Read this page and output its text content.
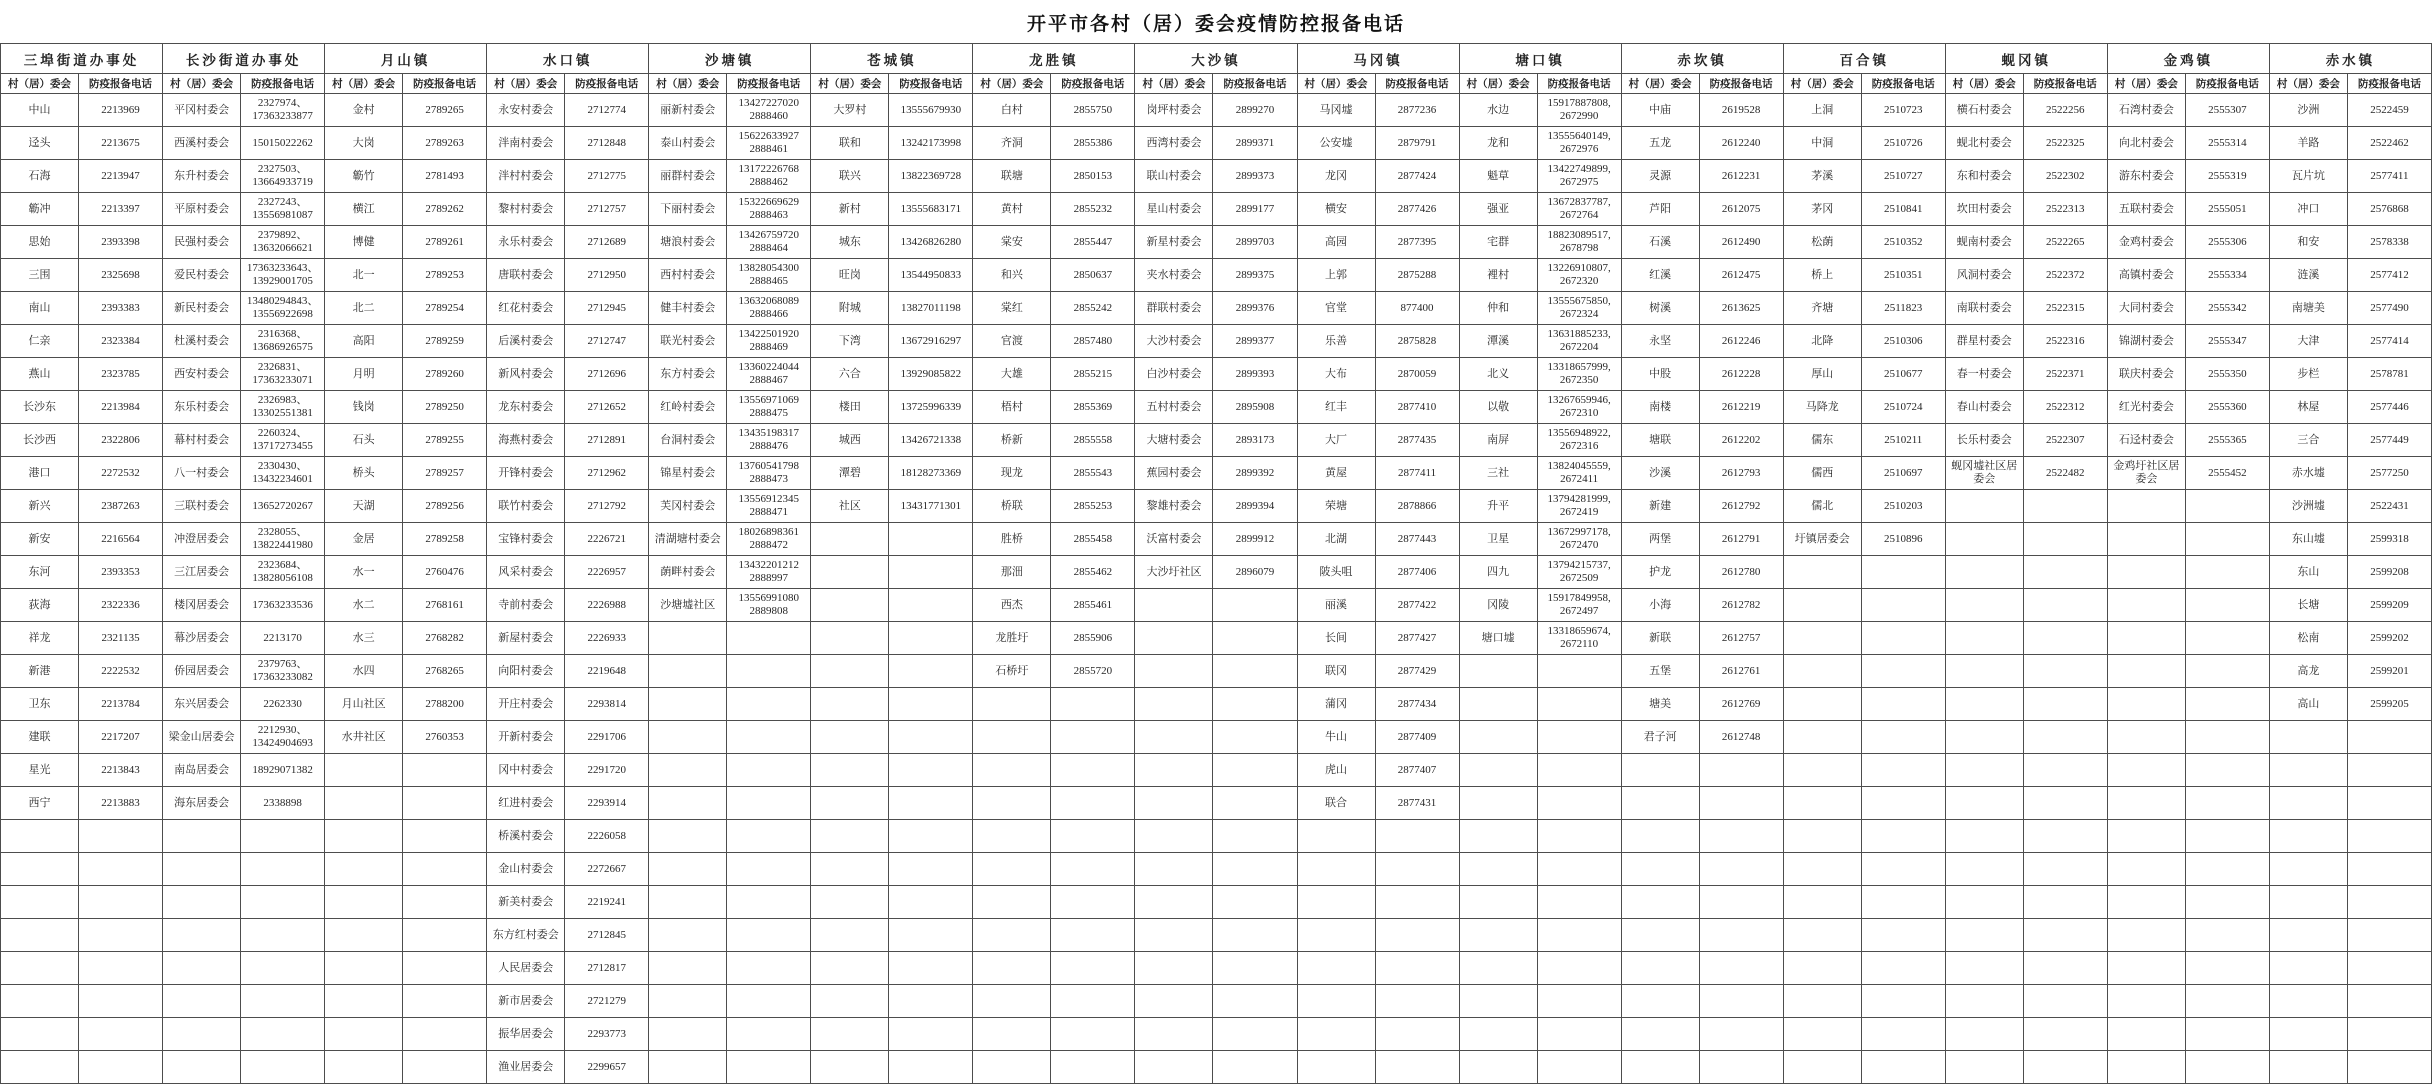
开平市各村（居）委会疫情防控报备电话
三埠街道办事处		长沙街道办事处		月山镇		水口镇		沙塘镇		苍城镇		龙胜镇		大沙镇		马冈镇		塘口镇		赤坎镇		百合镇		蚬冈镇		金鸡镇		赤水镇	
村（居）委会	防疫报备电话	村（居）委会	防疫报备电话	村（居）委会	防疫报备电话	村（居）委会	防疫报备电话	村（居）委会	防疫报备电话	村（居）委会	防疫报备电话	村（居）委会	防疫报备电话	村（居）委会	防疫报备电话	村（居）委会	防疫报备电话	村（居）委会	防疫报备电话	村（居）委会	防疫报备电话	村（居）委会	防疫报备电话	村（居）委会	防疫报备电话	村（居）委会	防疫报备电话	村（居）委会	防疫报备电话
中山	2213969	平冈村委会	2327974、17363233877	金村	2789265	永安村委会	2712774	丽新村委会	13427227020 2888460	大罗村	13555679930	白村	2855750	岗坪村委会	2899270	马冈墟	2877236	水边	15917887808, 2672990	中庙	2619528	上洞	2510723	横石村委会	2522256	石湾村委会	2555307	沙洲	2522459
迳头	2213675	西溪村委会	15015022262	大岗	2789263	泮南村委会	2712848	泰山村委会	15622633927 2888461	联和	13242173998	齐洞	2855386	西湾村委会	2899371	公安墟	2879791	龙和	13555640149, 2672976	五龙	2612240	中洞	2510726	蚬北村委会	2522325	向北村委会	2555314	羊路	2522462
石海	2213947	东升村委会	2327503、13664933719	簕竹	2781493	泮村村委会	2712775	丽群村委会	13172226768 2888462	联兴	13822369728	联塘	2850153	联山村委会	2899373	龙冈	2877424	魁草	13422749899, 2672975	灵源	2612231	茅溪	2510727	东和村委会	2522302	游东村委会	2555319	瓦片坑	2577411
簕冲	2213397	平原村委会	2327243、13556981087	横江	2789262	黎村村委会	2712757	下丽村委会	15322669629 2888463	新村	13555683171	黄村	2855232	星山村委会	2899177	横安	2877426	强亚	13672837787, 2672764	芦阳	2612075	茅冈	2510841	坎田村委会	2522313	五联村委会	2555051	冲口	2576868
思始	2393398	民强村委会	2379892、13632066621	博健	2789261	永乐村委会	2712689	塘浪村委会	13426759720 2888464	城东	13426826280	棠安	2855447	新星村委会	2899703	高园	2877395	宅群	18823089517, 2678798	石溪	2612490	松蓢	2510352	蚬南村委会	2522265	金鸡村委会	2555306	和安	2578338
三围	2325698	爱民村委会	17363233643、13929001705	北一	2789253	唐联村委会	2712950	西村村委会	13828054300 2888465	旺岗	13544950833	和兴	2850637	夹水村委会	2899375	上郭	2875288	裡村	13226910807, 2672320	红溪	2612475	桥上	2510351	风洞村委会	2522372	高镇村委会	2555334	涟溪	2577412
南山	2393383	新民村委会	13480294843、13556922698	北二	2789254	红花村委会	2712945	健丰村委会	13632068089 2888466	附城	13827011198	棠红	2855242	群联村委会	2899376	官堂	877400	仲和	13555675850, 2672324	树溪	2613625	齐塘	2511823	南联村委会	2522315	大同村委会	2555342	南塘美	2577490
仁亲	2323384	杜溪村委会	2316368、13686926575	高阳	2789259	后溪村委会	2712747	联光村委会	13422501920 2888469	下湾	13672916297	官渡	2857480	大沙村委会	2899377	乐善	2875828	潭溪	13631885233, 2672204	永坚	2612246	北降	2510306	群星村委会	2522316	锦湖村委会	2555347	大津	2577414
燕山	2323785	西安村委会	2326831、17363233071	月明	2789260	新风村委会	2712696	东方村委会	13360224044 2888467	六合	13929085822	大雄	2855215	白沙村委会	2899393	大布	2870059	北义	13318657999, 2672350	中股	2612228	厚山	2510677	春一村委会	2522371	联庆村委会	2555350	步栏	2578781
长沙东	2213984	东乐村委会	2326983、13302551381	钱岗	2789250	龙东村委会	2712652	红岭村委会	13556971069 2888475	楼田	13725996339	梧村	2855369	五村村委会	2895908	红丰	2877410	以敬	13267659946, 2672310	南楼	2612219	马降龙	2510724	春山村委会	2522312	红光村委会	2555360	林屋	2577446
长沙西	2322806	幕村村委会	2260324、13717273455	石头	2789255	海燕村委会	2712891	台洞村委会	13435198317 2888476	城西	13426721338	桥新	2855558	大塘村委会	2893173	大厂	2877435	南屏	13556948922, 2672316	塘联	2612202	儒东	2510211	长乐村委会	2522307	石迳村委会	2555365	三合	2577449
港口	2272532	八一村委会	2330430、13432234601	桥头	2789257	开锋村委会	2712962	锦星村委会	13760541798 2888473	潭碧	18128273369	现龙	2855543	蕉园村委会	2899392	黄屋	2877411	三社	13824045559, 2672411	沙溪	2612793	儒西	2510697	蚬冈墟社区居委会	2522482	金鸡圩社区居委会	2555452	赤水墟	2577250
新兴	2387263	三联村委会	13652720267	天湖	2789256	联竹村委会	2712792	芙冈村委会	13556912345 2888471	社区	13431771301	桥联	2855253	黎雄村委会	2899394	荣塘	2878866	升平	13794281999, 2672419	新建	2612792	儒北	2510203					沙洲墟	2522431
新安	2216564	冲澄居委会	2328055、13822441980	金居	2789258	宝锋村委会	2226721	清湖塘村委会	18026898361 2888472			胜桥	2855458	沃富村委会	2899912	北湖	2877443	卫星	13672997178, 2672470	两堡	2612791	圩镇居委会	2510896					东山墟	2599318
东河	2393353	三江居委会	2323684、13828056108	水一	2760476	风采村委会	2226957	蓢畔村委会	13432201212 2888997			那沺	2855462	大沙圩社区	2896079	陂头咀	2877406	四九	13794215737, 2672509	护龙	2612780							东山	2599208
荻海	2322336	楼冈居委会	17363233536	水二	2768161	寺前村委会	2226988	沙塘墟社区	13556991080 2889808			西杰	2855461			丽溪	2877422	冈陵	15917849958, 2672497	小海	2612782							长塘	2599209
祥龙	2321135	幕沙居委会	2213170	水三	2768282	新屋村委会	2226933					龙胜圩	2855906			长间	2877427	塘口墟	13318659674, 2672110	新联	2612757							松南	2599202
新港	2222532	侨园居委会	2379763、17363233082	水四	2768265	向阳村委会	2219648					石桥圩	2855720			联冈	2877429			五堡	2612761							高龙	2599201
卫东	2213784	东兴居委会	2262330	月山社区	2788200	开庄村委会	2293814									蒲冈	2877434			塘美	2612769							高山	2599205
建联	2217207	梁金山居委会	2212930、13424904693	水井社区	2760353	开新村委会	2291706									牛山	2877409			君子河	2612748								
星光	2213843	南岛居委会	18929071382			冈中村委会	2291720									虎山	2877407												
西宁	2213883	海东居委会	2338898			红进村委会	2293914									联合	2877431												
						桥溪村委会	2226058																						
						金山村委会	2272667																						
						新美村委会	2219241																						
						东方红村委会	2712845																						
						人民居委会	2712817																						
						新市居委会	2721279																						
						振华居委会	2293773																						
						渔业居委会	2299657																						
